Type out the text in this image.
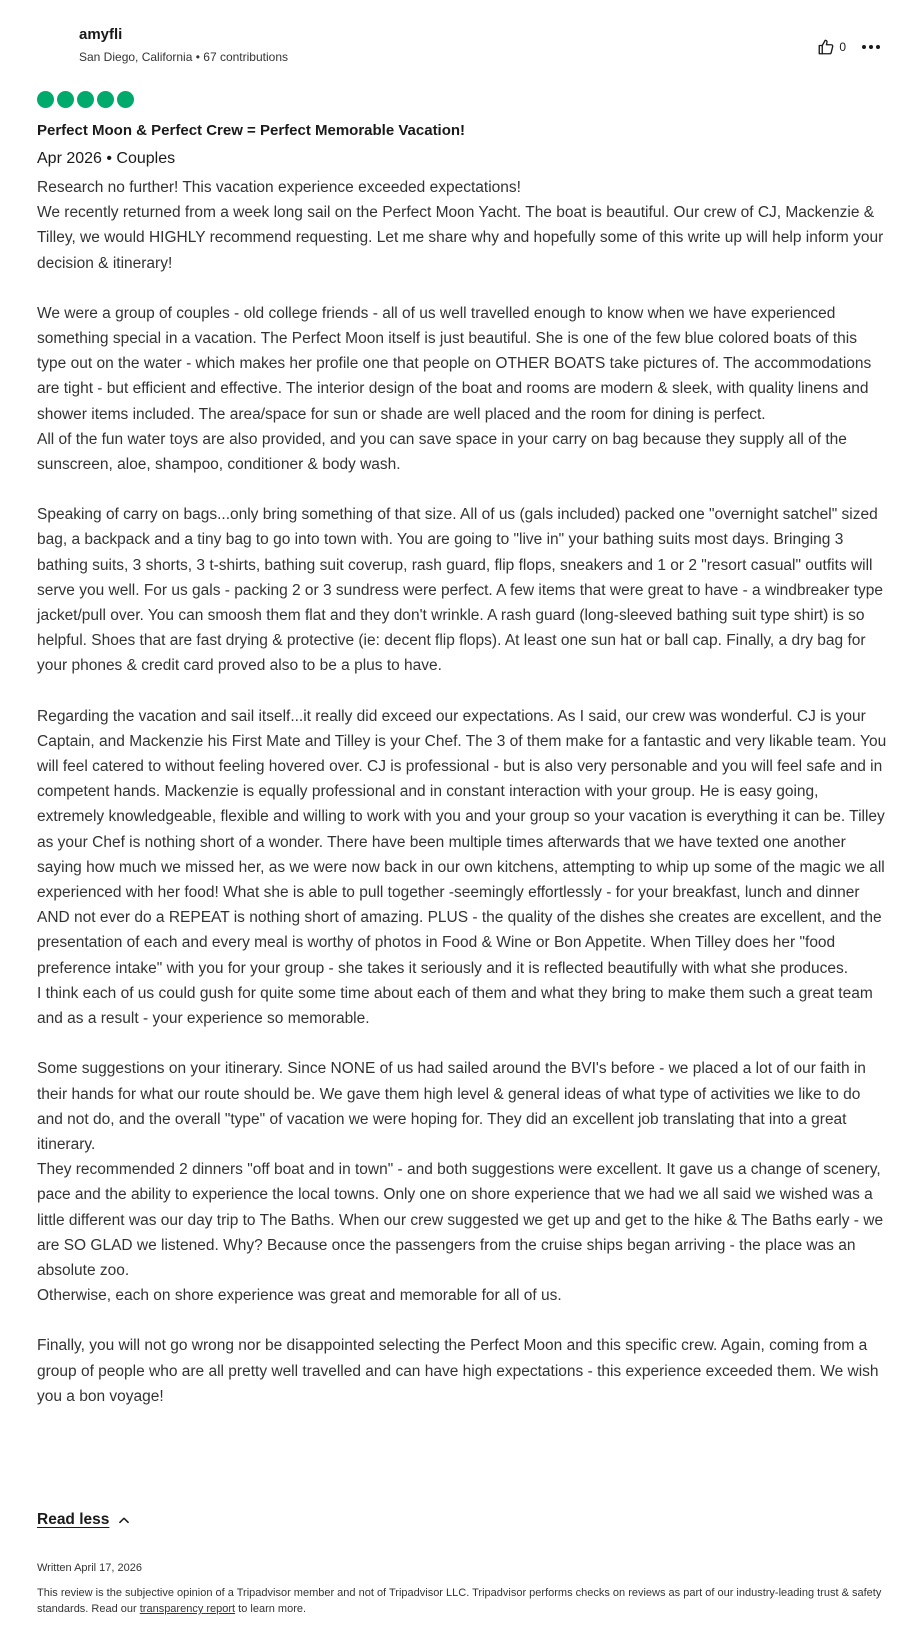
amyfli
San Diego, California • 67 contributions
0
Perfect Moon & Perfect Crew = Perfect Memorable Vacation!
Apr 2026 • Couples

Research no further! This vacation experience exceeded expectations!

We recently returned from a week long sail on the Perfect Moon Yacht. The boat is beautiful. Our crew of CJ, Mackenzie & Tilley, we would HIGHLY recommend requesting. Let me share why and hopefully some of this write up will help inform your decision & itinerary!

We were a group of couples - old college friends - all of us well travelled enough to know when we have experienced something special in a vacation. The Perfect Moon itself is just beautiful. She is one of the few blue colored boats of this type out on the water - which makes her profile one that people on OTHER BOATS take pictures of. The accommodations are tight - but efficient and effective. The interior design of the boat and rooms are modern & sleek, with quality linens and shower items included. The area/space for sun or shade are well placed and the room for dining is perfect.

All of the fun water toys are also provided, and you can save space in your carry on bag because they supply all of the sunscreen, aloe, shampoo, conditioner & body wash.

Speaking of carry on bags...only bring something of that size. All of us (gals included) packed one "overnight satchel" sized bag, a backpack and a tiny bag to go into town with. You are going to "live in" your bathing suits most days. Bringing 3 bathing suits, 3 shorts, 3 t-shirts, bathing suit coverup, rash guard, flip flops, sneakers and 1 or 2 "resort casual" outfits will serve you well. For us gals - packing 2 or 3 sundress were perfect. A few items that were great to have - a windbreaker type jacket/pull over. You can smoosh them flat and they don't wrinkle. A rash guard (long-sleeved bathing suit type shirt) is so helpful. Shoes that are fast drying & protective (ie: decent flip flops). At least one sun hat or ball cap. Finally, a dry bag for your phones & credit card proved also to be a plus to have.

Regarding the vacation and sail itself...it really did exceed our expectations. As I said, our crew was wonderful. CJ is your Captain, and Mackenzie his First Mate and Tilley is your Chef. The 3 of them make for a fantastic and very likable team. You will feel catered to without feeling hovered over. CJ is professional - but is also very personable and you will feel safe and in competent hands. Mackenzie is equally professional and in constant interaction with your group. He is easy going, extremely knowledgeable, flexible and willing to work with you and your group so your vacation is everything it can be. Tilley as your Chef is nothing short of a wonder. There have been multiple times afterwards that we have texted one another saying how much we missed her, as we were now back in our own kitchens, attempting to whip up some of the magic we all experienced with her food! What she is able to pull together -seemingly effortlessly - for your breakfast, lunch and dinner AND not ever do a REPEAT is nothing short of amazing. PLUS - the quality of the dishes she creates are excellent, and the presentation of each and every meal is worthy of photos in Food & Wine or Bon Appetite. When Tilley does her "food preference intake" with you for your group - she takes it seriously and it is reflected beautifully with what she produces.

I think each of us could gush for quite some time about each of them and what they bring to make them such a great team and as a result - your experience so memorable.

Some suggestions on your itinerary. Since NONE of us had sailed around the BVI's before - we placed a lot of our faith in their hands for what our route should be. We gave them high level & general ideas of what type of activities we like to do and not do, and the overall "type" of vacation we were hoping for. They did an excellent job translating that into a great itinerary.

They recommended 2 dinners "off boat and in town" - and both suggestions were excellent. It gave us a change of scenery, pace and the ability to experience the local towns. Only one on shore experience that we had we all said we wished was a little different was our day trip to The Baths. When our crew suggested we get up and get to the hike & The Baths early - we are SO GLAD we listened. Why? Because once the passengers from the cruise ships began arriving - the place was an absolute zoo.

Otherwise, each on shore experience was great and memorable for all of us.

Finally, you will not go wrong nor be disappointed selecting the Perfect Moon and this specific crew. Again, coming from a group of people who are all pretty well travelled and can have high expectations - this experience exceeded them. We wish you a bon voyage!

Read less
Written April 17, 2026
This review is the subjective opinion of a Tripadvisor member and not of Tripadvisor LLC. Tripadvisor performs checks on reviews as part of our industry-leading trust & safety standards. Read our transparency report to learn more.
